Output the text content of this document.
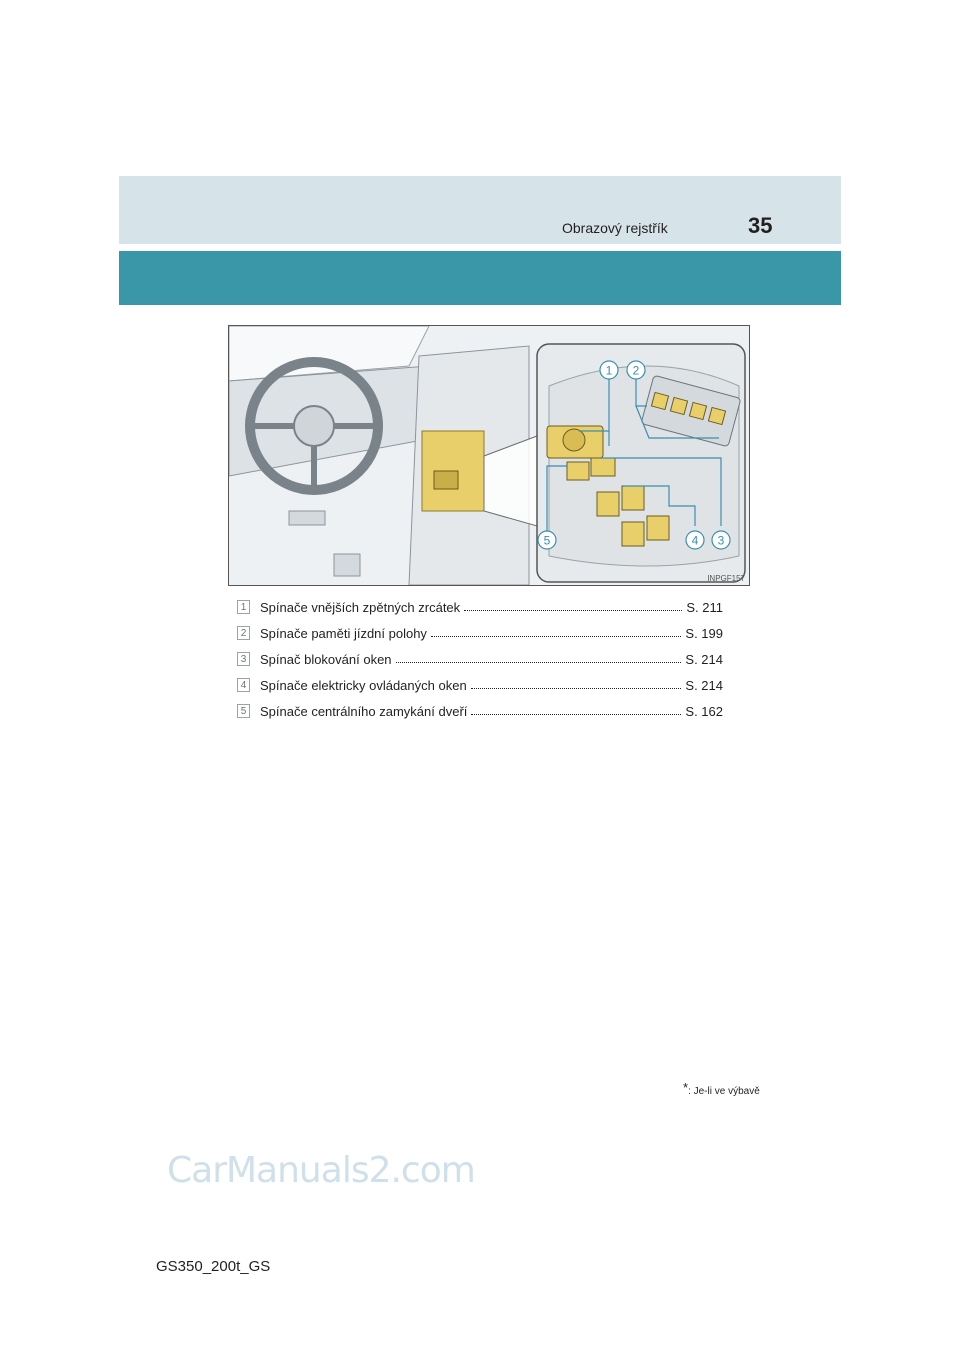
Obrazový rejstřík	35
1 2
3
4
5
INPGF157
1 Spínače vnějších zpětných zrcátek	S. 211
2 Spínače paměti jízdní polohy	S. 199
3 Spínač blokování oken	S. 214
4 Spínače elektricky ovládaných oken	S. 214
5 Spínače centrálního zamykání dveří	S. 162
*: Je-li ve výbavě
CarManuals2.com
GS350_200t_GS
